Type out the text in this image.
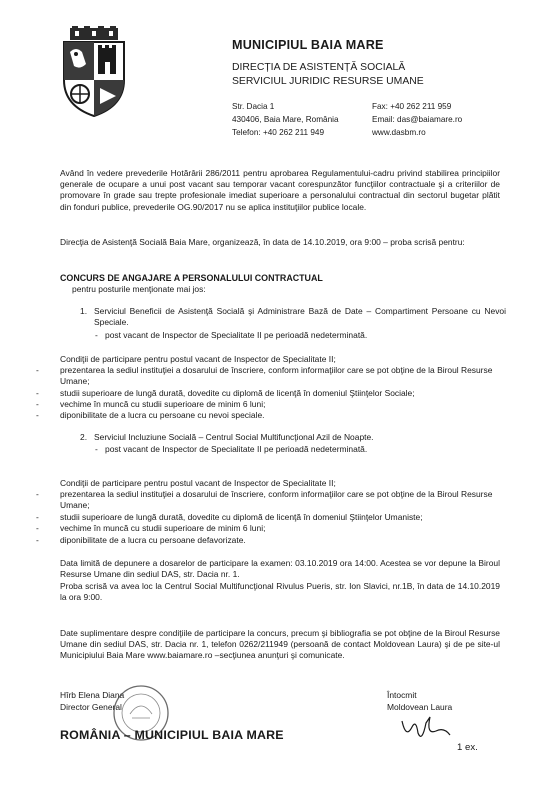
MUNICIPIUL BAIA MARE
DIRECȚIA DE ASISTENȚĂ SOCIALĂ
SERVICIUL JURIDIC RESURSE UMANE
Str. Dacia 1
430406, Baia Mare, România
Telefon: +40 262 211 949
Fax: +40 262 211 959
Email: das@baiamare.ro
www.dasbm.ro

Având în vedere prevederile Hotărârii 286/2011 pentru aprobarea Regulamentului-cadru privind stabilirea principiilor generale de ocupare a unui post vacant sau temporar vacant corespunzător funcţiilor contractuale şi a criteriilor de promovare în grade sau trepte profesionale imediat superioare a personalului contractual din sectorul bugetar plătit din fonduri publice, prevederile OG.90/2017 nu se aplica instituţiilor publice locale.

Direcţia de Asistenţă Socială Baia Mare, organizează, în data de 14.10.2019, ora 9:00 – proba scrisă pentru:

CONCURS DE ANGAJARE A PERSONALULUI CONTRACTUAL
pentru posturile menţionate mai jos:
1. Serviciul Beneficii de Asistenţă Socială şi Administrare Bază de Date – Compartiment Persoane cu Nevoi Speciale.
- post vacant de Inspector de Specialitate II pe perioadă nedeterminată.
Condiţii de participare pentru postul vacant de Inspector de Specialitate II;
-	prezentarea la sediul instituţiei a dosarului de înscriere, conform informaţiilor care se pot obţine de la Biroul Resurse Umane;
-	studii superioare de lungă durată, dovedite cu diplomă de licenţă în domeniul Ştiinţelor Sociale;
-	vechime în muncă cu studii superioare de minim 6 luni;
-	diponibilitate de a lucra cu persoane cu nevoi speciale.
2. Serviciul Incluziune Socială – Centrul Social Multifuncţional Azil de Noapte.
- post vacant de Inspector de Specialitate II pe perioadă nedeterminată.
Condiţii de participare pentru postul vacant de Inspector de Specialitate II;
-	prezentarea la sediul instituţiei a dosarului de înscriere, conform informaţiilor care se pot obţine de la Biroul Resurse Umane;
-	studii superioare de lungă durată, dovedite cu diplomă de licenţă în domeniul Ştiinţelor Umaniste;
-	vechime în muncă cu studii superioare de minim 6 luni;
-	diponibilitate de a lucra cu persoane defavorizate.

Data limită de depunere a dosarelor de participare la examen: 03.10.2019 ora 14:00. Acestea se vor depune la Biroul Resurse Umane din sediul DAS, str. Dacia nr. 1.

Proba scrisă va avea loc la Centrul Social Multifuncţional Rivulus Pueris, str. Ion Slavici, nr.1B, în data de 14.10.2019 la ora 9:00.

Date suplimentare despre condiţiile de participare la concurs, precum şi bibliografia se pot obţine de la Biroul Resurse Umane din sediul DAS, str. Dacia nr. 1, telefon 0262/211949 (persoană de contact Moldovean Laura) şi de pe site-ul Municipiului Baia Mare www.baiamare.ro –secţiunea anunţuri şi comunicate.

Hîrb Elena Diana
Director General
Întocmit
Moldovean Laura
ROMÂNIA – MUNICIPIUL BAIA MARE
1 ex.
